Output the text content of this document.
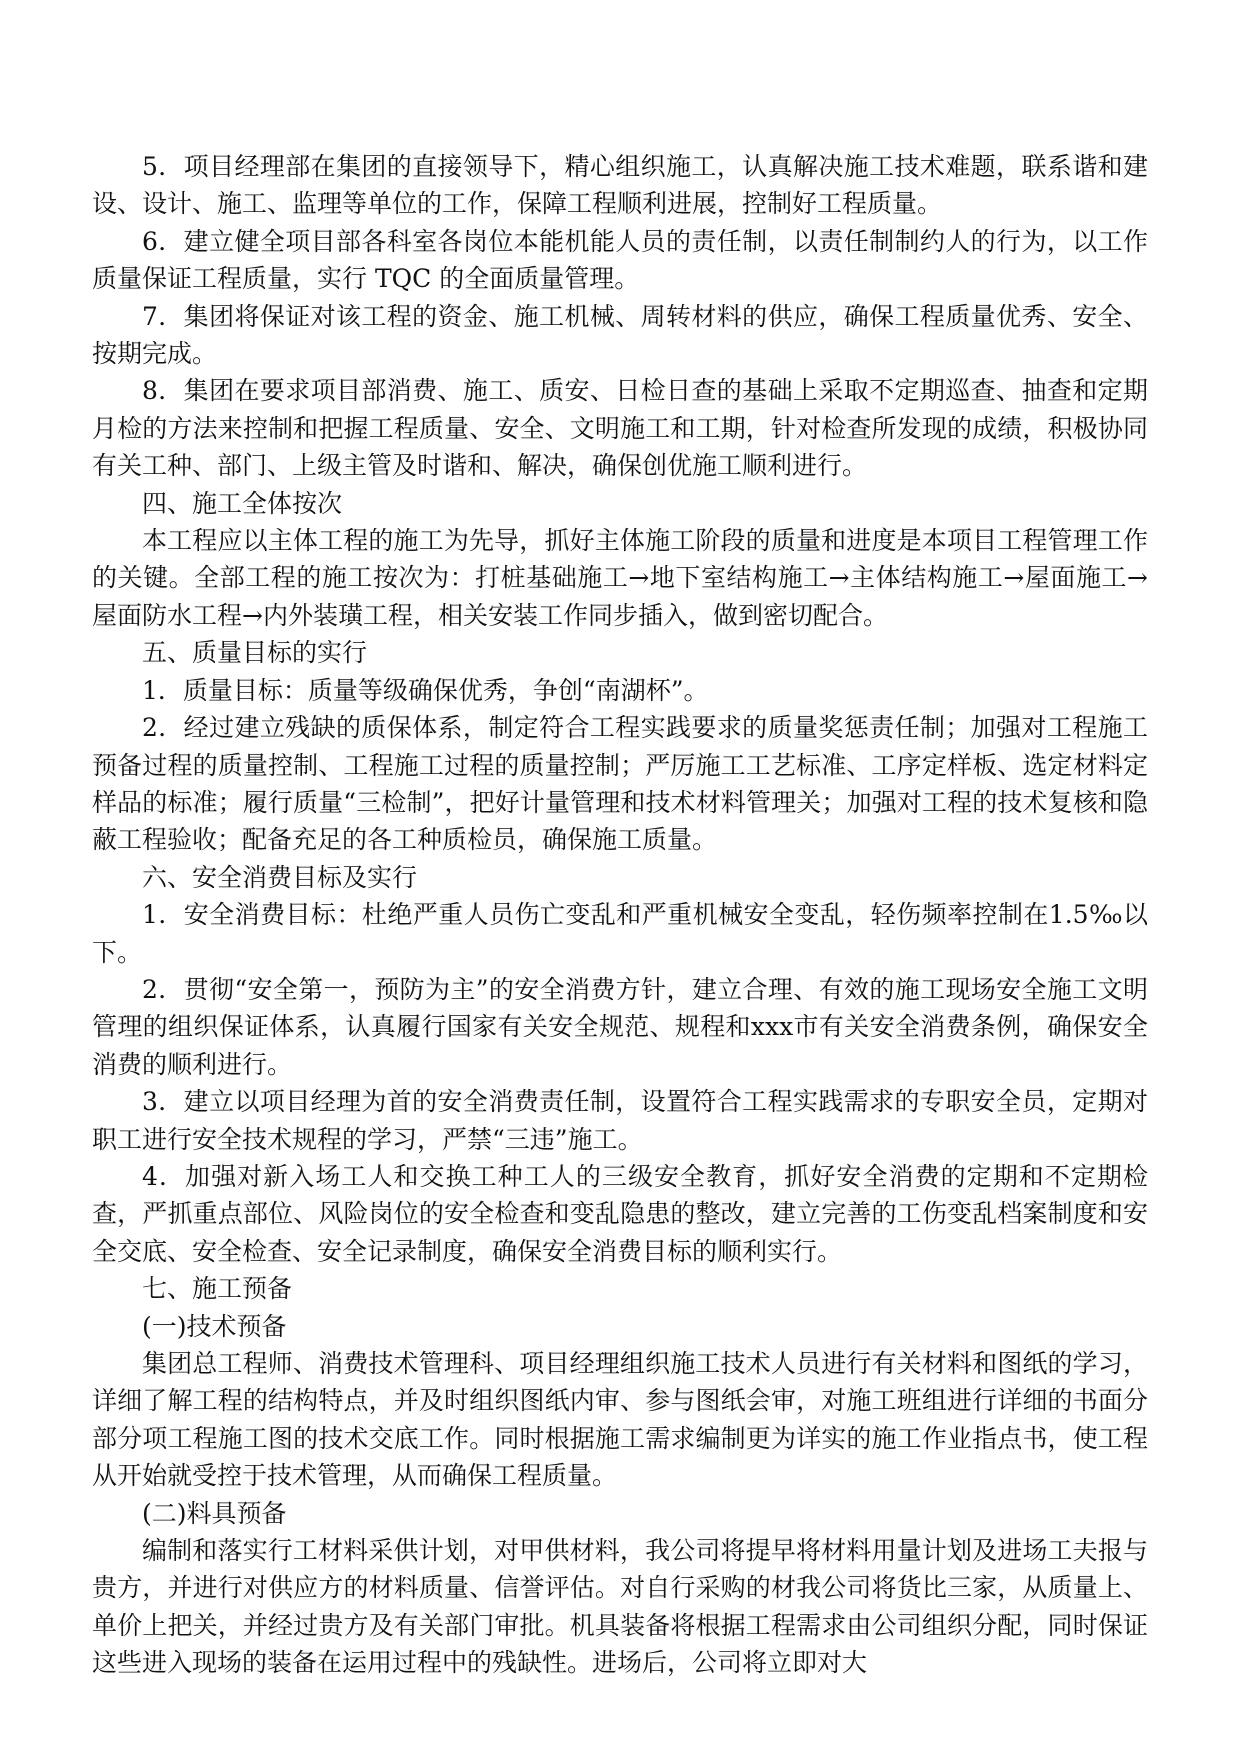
5．项目经理部在集团的直接领导下，精心组织施工，认真解决施工技术难题，联系谐和建设、设计、施工、监理等单位的工作，保障工程顺利进展，控制好工程质量。

6．建立健全项目部各科室各岗位本能机能人员的责任制，以责任制制约人的行为，以工作质量保证工程质量，实行 TQC 的全面质量管理。

7．集团将保证对该工程的资金、施工机械、周转材料的供应，确保工程质量优秀、安全、按期完成。

8．集团在要求项目部消费、施工、质安、日检日查的基础上采取不定期巡查、抽查和定期月检的方法来控制和把握工程质量、安全、文明施工和工期，针对检查所发现的成绩，积极协同有关工种、部门、上级主管及时谐和、解决，确保创优施工顺利进行。

四、施工全体按次

本工程应以主体工程的施工为先导，抓好主体施工阶段的质量和进度是本项目工程管理工作的关键。全部工程的施工按次为：打桩基础施工→地下室结构施工→主体结构施工→屋面施工→屋面防水工程→内外装璜工程，相关安装工作同步插入，做到密切配合。

五、质量目标的实行

1．质量目标：质量等级确保优秀，争创“南湖杯”。

2．经过建立残缺的质保体系，制定符合工程实践要求的质量奖惩责任制；加强对工程施工预备过程的质量控制、工程施工过程的质量控制；严厉施工工艺标准、工序定样板、选定材料定样品的标准；履行质量“三检制”，把好计量管理和技术材料管理关；加强对工程的技术复核和隐蔽工程验收；配备充足的各工种质检员，确保施工质量。

六、安全消费目标及实行

1．安全消费目标：杜绝严重人员伤亡变乱和严重机械安全变乱，轻伤频率控制在1.5‰以下。

2．贯彻“安全第一，预防为主”的安全消费方针，建立合理、有效的施工现场安全施工文明管理的组织保证体系，认真履行国家有关安全规范、规程和xxx市有关安全消费条例，确保安全消费的顺利进行。

3．建立以项目经理为首的安全消费责任制，设置符合工程实践需求的专职安全员，定期对职工进行安全技术规程的学习，严禁“三违”施工。

4．加强对新入场工人和交换工种工人的三级安全教育，抓好安全消费的定期和不定期检查，严抓重点部位、风险岗位的安全检查和变乱隐患的整改，建立完善的工伤变乱档案制度和安全交底、安全检查、安全记录制度，确保安全消费目标的顺利实行。

七、施工预备

(一)技术预备

集团总工程师、消费技术管理科、项目经理组织施工技术人员进行有关材料和图纸的学习，详细了解工程的结构特点，并及时组织图纸内审、参与图纸会审，对施工班组进行详细的书面分部分项工程施工图的技术交底工作。同时根据施工需求编制更为详实的施工作业指点书，使工程从开始就受控于技术管理，从而确保工程质量。

(二)料具预备

编制和落实行工材料采供计划，对甲供材料，我公司将提早将材料用量计划及进场工夫报与贵方，并进行对供应方的材料质量、信誉评估。对自行采购的材我公司将货比三家，从质量上、单价上把关，并经过贵方及有关部门审批。机具装备将根据工程需求由公司组织分配，同时保证这些进入现场的装备在运用过程中的残缺性。进场后，公司将立即对大
